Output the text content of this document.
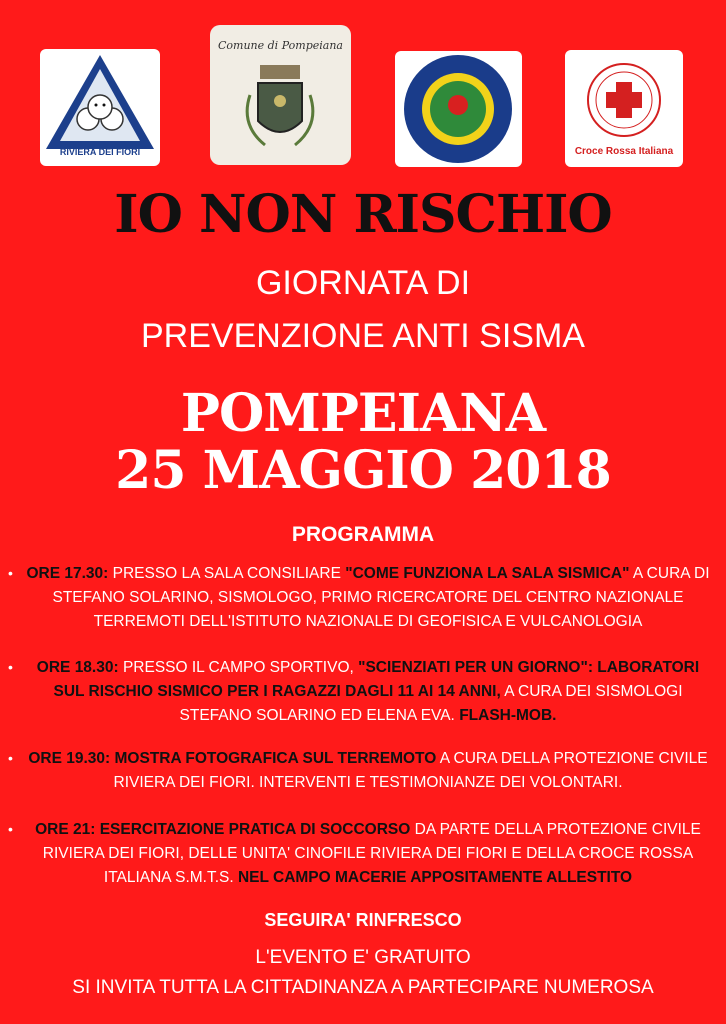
RIVIERA DEI FIORI
Comune di Pompeiana
Croce Rossa Italiana
IO NON RISCHIO
GIORNATA DI
PREVENZIONE ANTI SISMA
POMPEIANA
25 MAGGIO 2018
PROGRAMMA
• ORE 17.30: PRESSO LA SALA CONSILIARE "COME FUNZIONA LA SALA SISMICA" A CURA DI STEFANO SOLARINO, SISMOLOGO, PRIMO RICERCATORE DEL CENTRO NAZIONALE TERREMOTI DELL'ISTITUTO NAZIONALE DI GEOFISICA E VULCANOLOGIA
•	ORE 18.30: PRESSO IL CAMPO SPORTIVO, "SCIENZIATI PER UN GIORNO": LABORATORI SUL RISCHIO SISMICO PER I RAGAZZI DAGLI 11 AI 14 ANNI, A CURA DEI SISMOLOGI STEFANO SOLARINO ED ELENA EVA. FLASH-MOB.
• ORE 19.30: MOSTRA FOTOGRAFICA SUL TERREMOTO A CURA DELLA PROTEZIONE CIVILE RIVIERA DEI FIORI. INTERVENTI E TESTIMONIANZE DEI VOLONTARI.
•	ORE 21: ESERCITAZIONE PRATICA DI SOCCORSO DA PARTE DELLA PROTEZIONE CIVILE RIVIERA DEI FIORI, DELLE UNITA' CINOFILE RIVIERA DEI FIORI E DELLA CROCE ROSSA ITALIANA S.M.T.S. NEL CAMPO MACERIE APPOSITAMENTE ALLESTITO
SEGUIRA' RINFRESCO
L'EVENTO E' GRATUITO
SI INVITA TUTTA LA CITTADINANZA A PARTECIPARE NUMEROSA
